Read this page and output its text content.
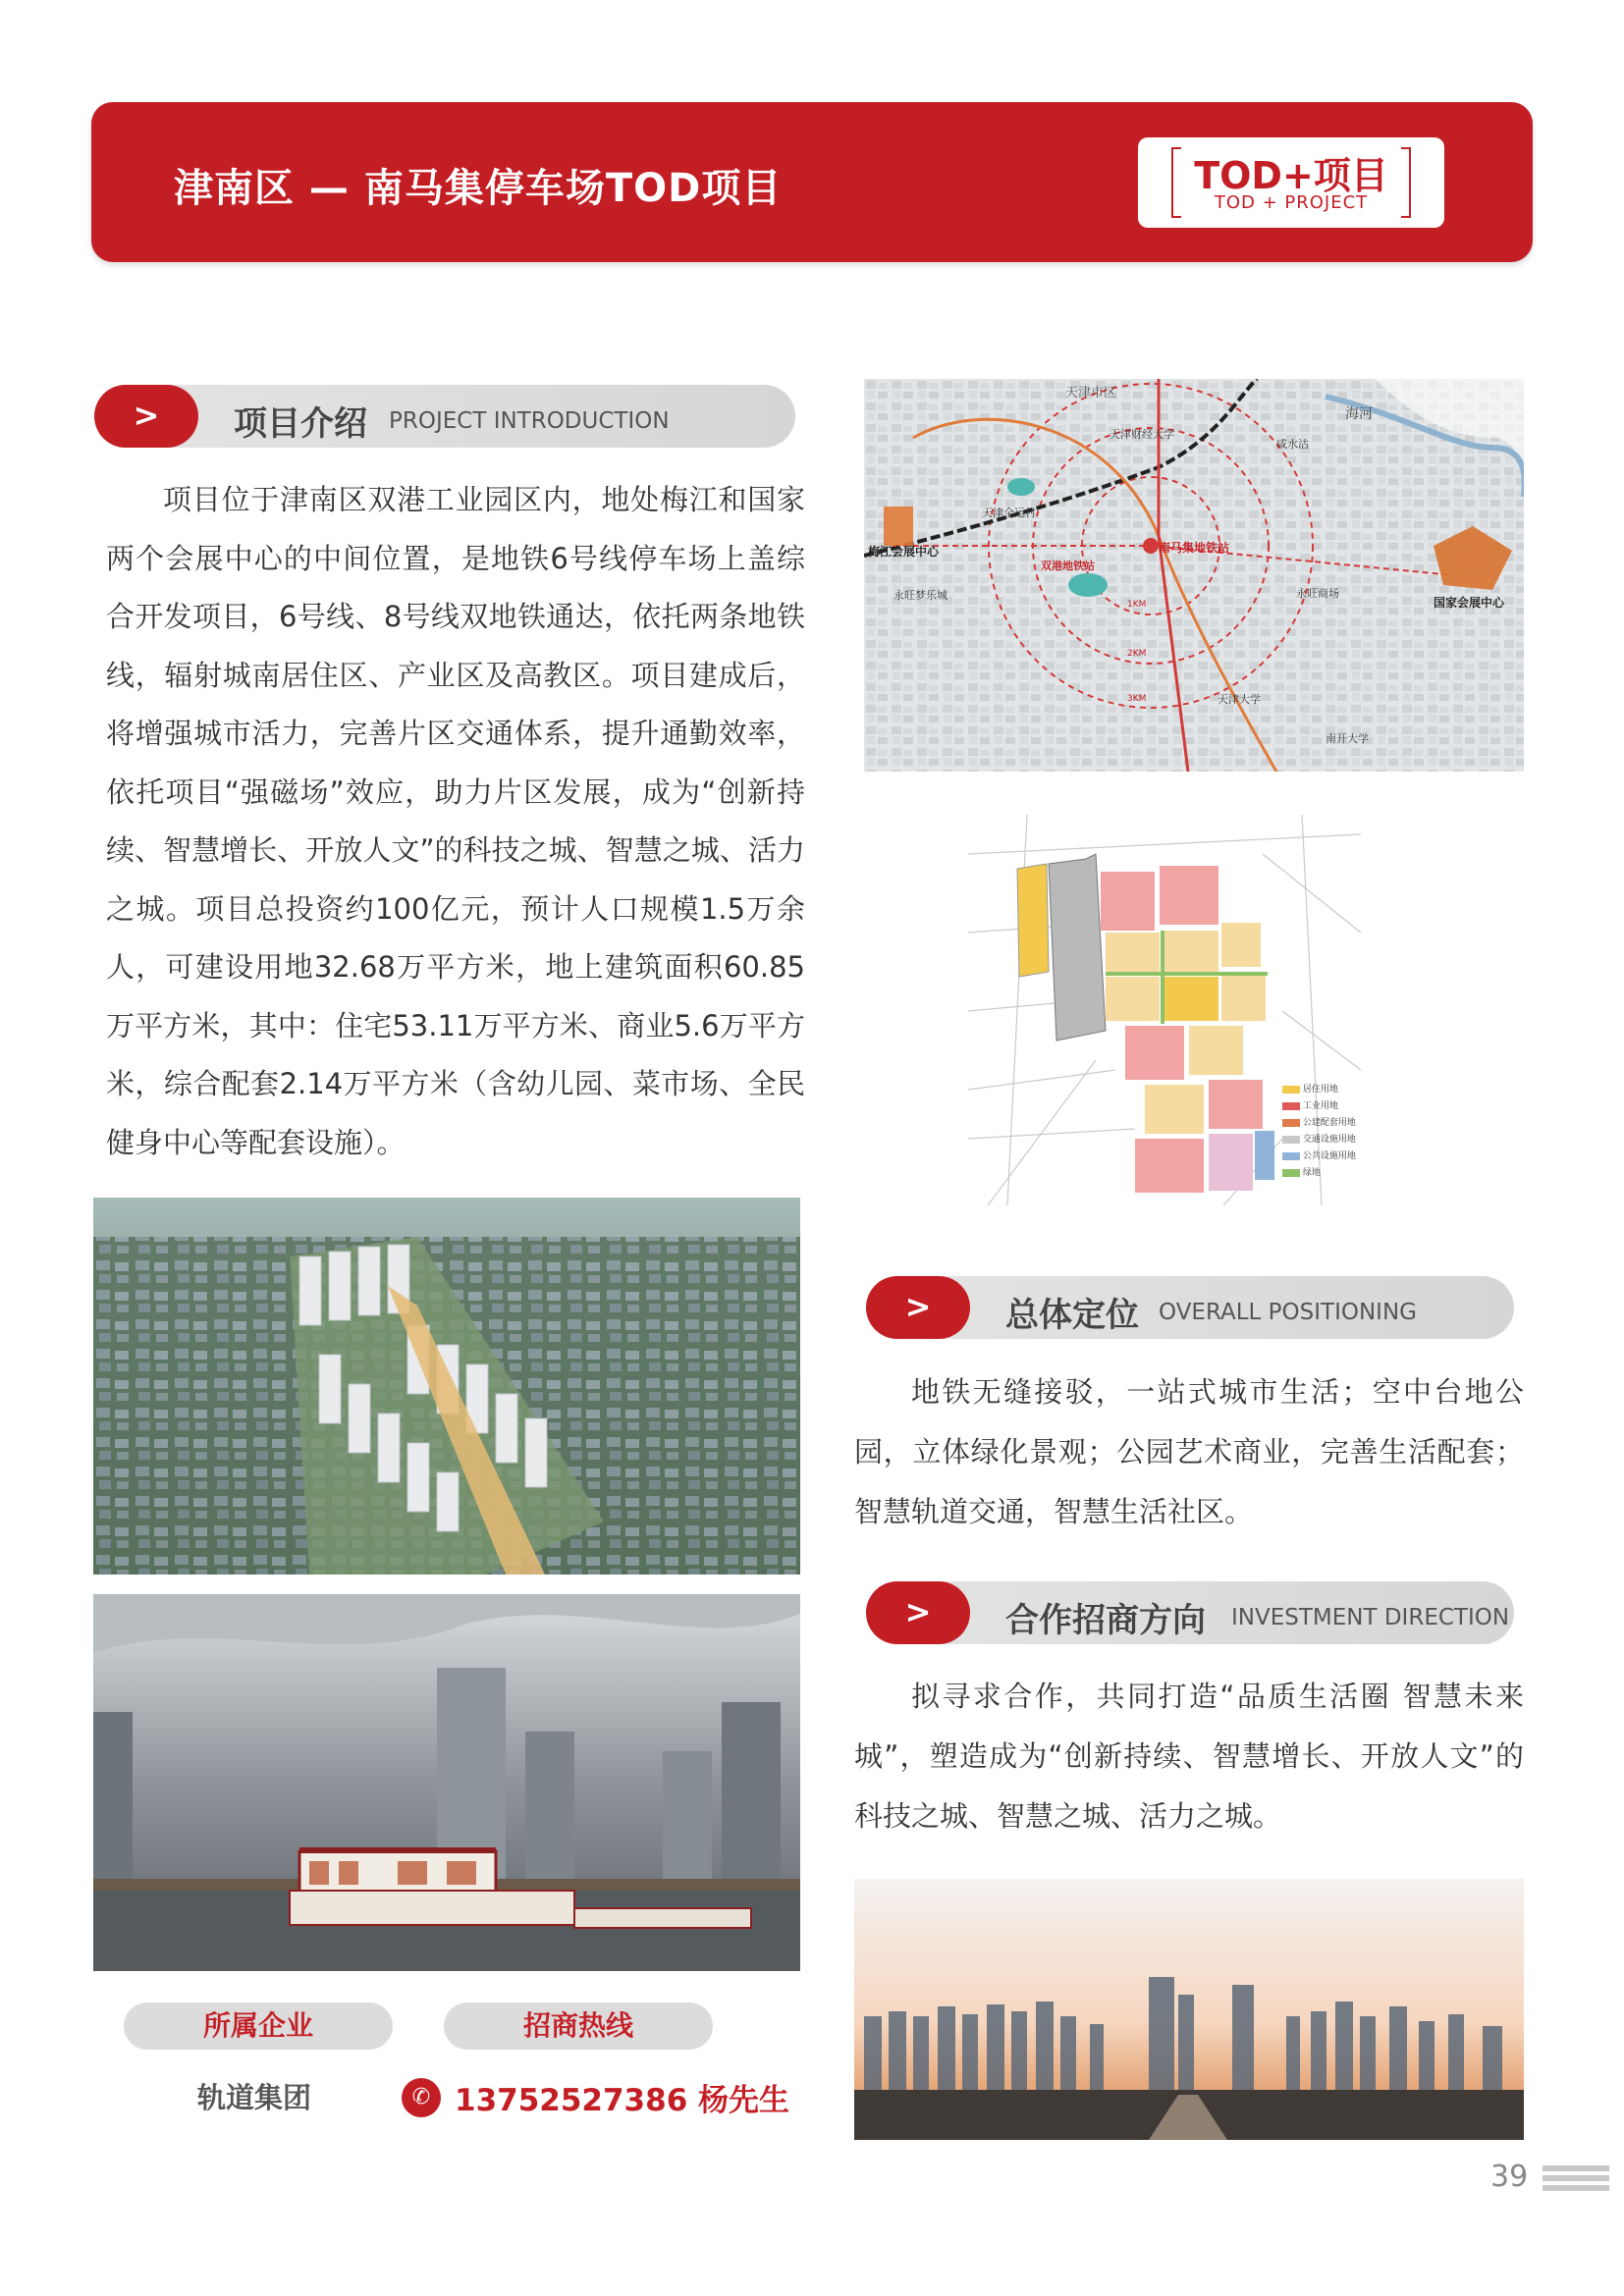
津南区 — 南马集停车场TOD项目	TOD+项目
TOD + PROJECT
>	项目介绍 PROJECT INTRODUCTION
项目位于津南区双港工业园区内，地处梅江和国家两个会展中心的中间位置，是地铁6号线停车场上盖综合开发项目，6号线、8号线双地铁通达，依托两条地铁线，辐射城南居住区、产业区及高教区。项目建成后，将增强城市活力，完善片区交通体系，提升通勤效率，依托项目“强磁场”效应，助力片区发展，成为“创新持续、智慧增长、开放人文”的科技之城、智慧之城、活力之城。项目总投资约100亿元，预计人口规模1.5万余人，可建设用地32.68万平方米，地上建筑面积60.85万平方米，其中：住宅53.11万平方米、商业5.6万平方米，综合配套2.14万平方米（含幼儿园、菜市场、全民健身中心等配套设施）。
天津市区
梅江会展中心
国家会展中心
南马集地铁站
双港地铁站
海河
天津大学
南开大学
永旺梦乐城
天津全运村
天津财经大学
咸水沽
永旺商场
1KM
2KM
3KM
居住用地
工业用地
公建配套用地
交通设施用地
公共设施用地
绿地
>	总体定位 OVERALL POSITIONING
地铁无缝接驳，一站式城市生活；空中台地公园，立体绿化景观；公园艺术商业，完善生活配套；智慧轨道交通，智慧生活社区。
>	合作招商方向 INVESTMENT DIRECTION
拟寻求合作，共同打造“品质生活圈 智慧未来城”，塑造成为“创新持续、智慧增长、开放人文”的科技之城、智慧之城、活力之城。
所属企业	招商热线
轨道集团	✆ 13752527386 杨先生
39
